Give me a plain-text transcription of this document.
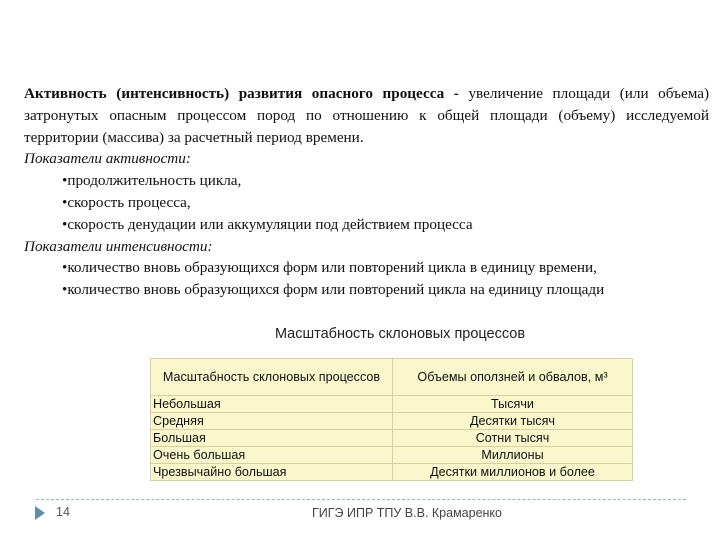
Активность (интенсивность) развития опасного процесса - увеличение площади (или объема) затронутых опасным процессом пород по отношению к общей площади (объему) исследуемой территории (массива) за расчетный период времени.
Показатели активности:
•продолжительность цикла,
•скорость процесса,
•скорость денудации или аккумуляции под действием процесса
Показатели интенсивности:
•количество вновь образующихся форм или повторений цикла в единицу времени,
•количество вновь образующихся форм или повторений цикла на единицу площади
Масштабность склоновых процессов
Масштабность склоновых процессов	Объемы оползней и обвалов, м³
Небольшая	Тысячи
Средняя	Десятки тысяч
Большая	Сотни тысяч
Очень большая	Миллионы
Чрезвычайно большая	Десятки миллионов и более
14	ГИГЭ ИПР ТПУ В.В. Крамаренко
